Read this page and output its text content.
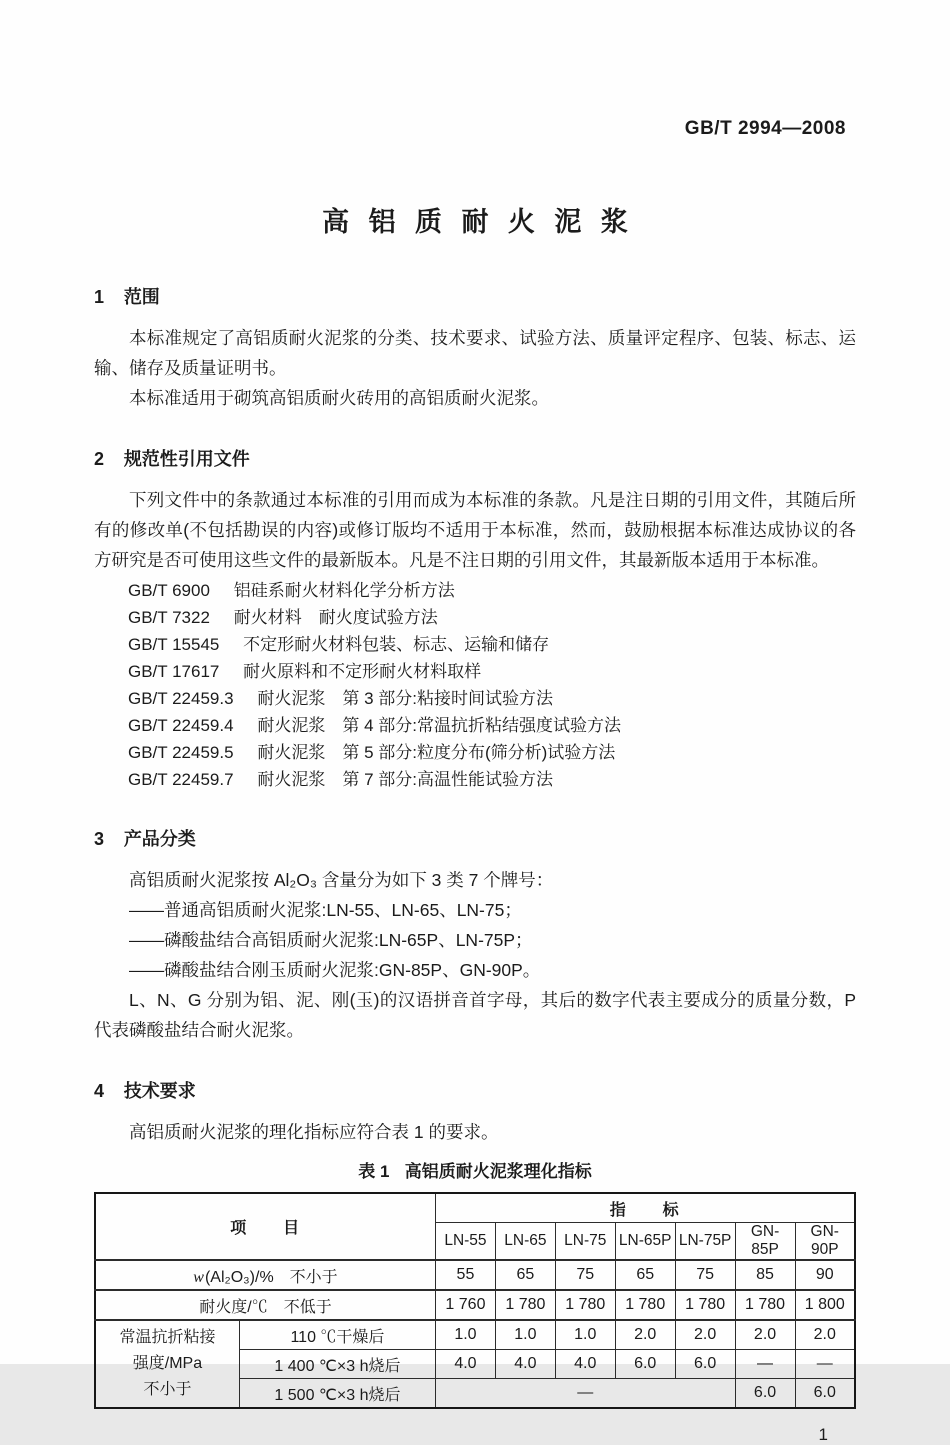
GB/T 2994—2008
高铝质耐火泥浆
1 范围

本标准规定了高铝质耐火泥浆的分类、技术要求、试验方法、质量评定程序、包装、标志、运输、储存及质量证明书。

本标准适用于砌筑高铝质耐火砖用的高铝质耐火泥浆。

2 规范性引用文件

下列文件中的条款通过本标准的引用而成为本标准的条款。凡是注日期的引用文件，其随后所有的修改单(不包括勘误的内容)或修订版均不适用于本标准，然而，鼓励根据本标准达成协议的各方研究是否可使用这些文件的最新版本。凡是不注日期的引用文件，其最新版本适用于本标准。

GB/T 6900 铝硅系耐火材料化学分析方法
GB/T 7322 耐火材料　耐火度试验方法
GB/T 15545 不定形耐火材料包装、标志、运输和储存
GB/T 17617 耐火原料和不定形耐火材料取样
GB/T 22459.3 耐火泥浆　第 3 部分:粘接时间试验方法
GB/T 22459.4 耐火泥浆　第 4 部分:常温抗折粘结强度试验方法
GB/T 22459.5 耐火泥浆　第 5 部分:粒度分布(筛分析)试验方法
GB/T 22459.7 耐火泥浆　第 7 部分:高温性能试验方法
3 产品分类

高铝质耐火泥浆按 Al₂O₃ 含量分为如下 3 类 7 个牌号：

——普通高铝质耐火泥浆:LN-55、LN-65、LN-75；
——磷酸盐结合高铝质耐火泥浆:LN-65P、LN-75P；
——磷酸盐结合刚玉质耐火泥浆:GN-85P、GN-90P。

L、N、G 分别为铝、泥、刚(玉)的汉语拼音首字母，其后的数字代表主要成分的质量分数，P 代表磷酸盐结合耐火泥浆。

4 技术要求

高铝质耐火泥浆的理化指标应符合表 1 的要求。

表 1 高铝质耐火泥浆理化指标
项　　目		指　　标						
		LN-55	LN-65	LN-75	LN-65P	LN-75P	GN-85P	GN-90P
w(Al₂O₃)/%　不小于		55	65	75	65	75	85	90
耐火度/℃　不低于		1 760	1 780	1 780	1 780	1 780	1 780	1 800

常温抗折粘接
强度/MPa
不小于	110 ℃干燥后	1.0	1.0	1.0	2.0	2.0	2.0	2.0
	1 400 ℃×3 h烧后	4.0	4.0	4.0	6.0	6.0	—	—
	1 500 ℃×3 h烧后	—					6.0	6.0
1
